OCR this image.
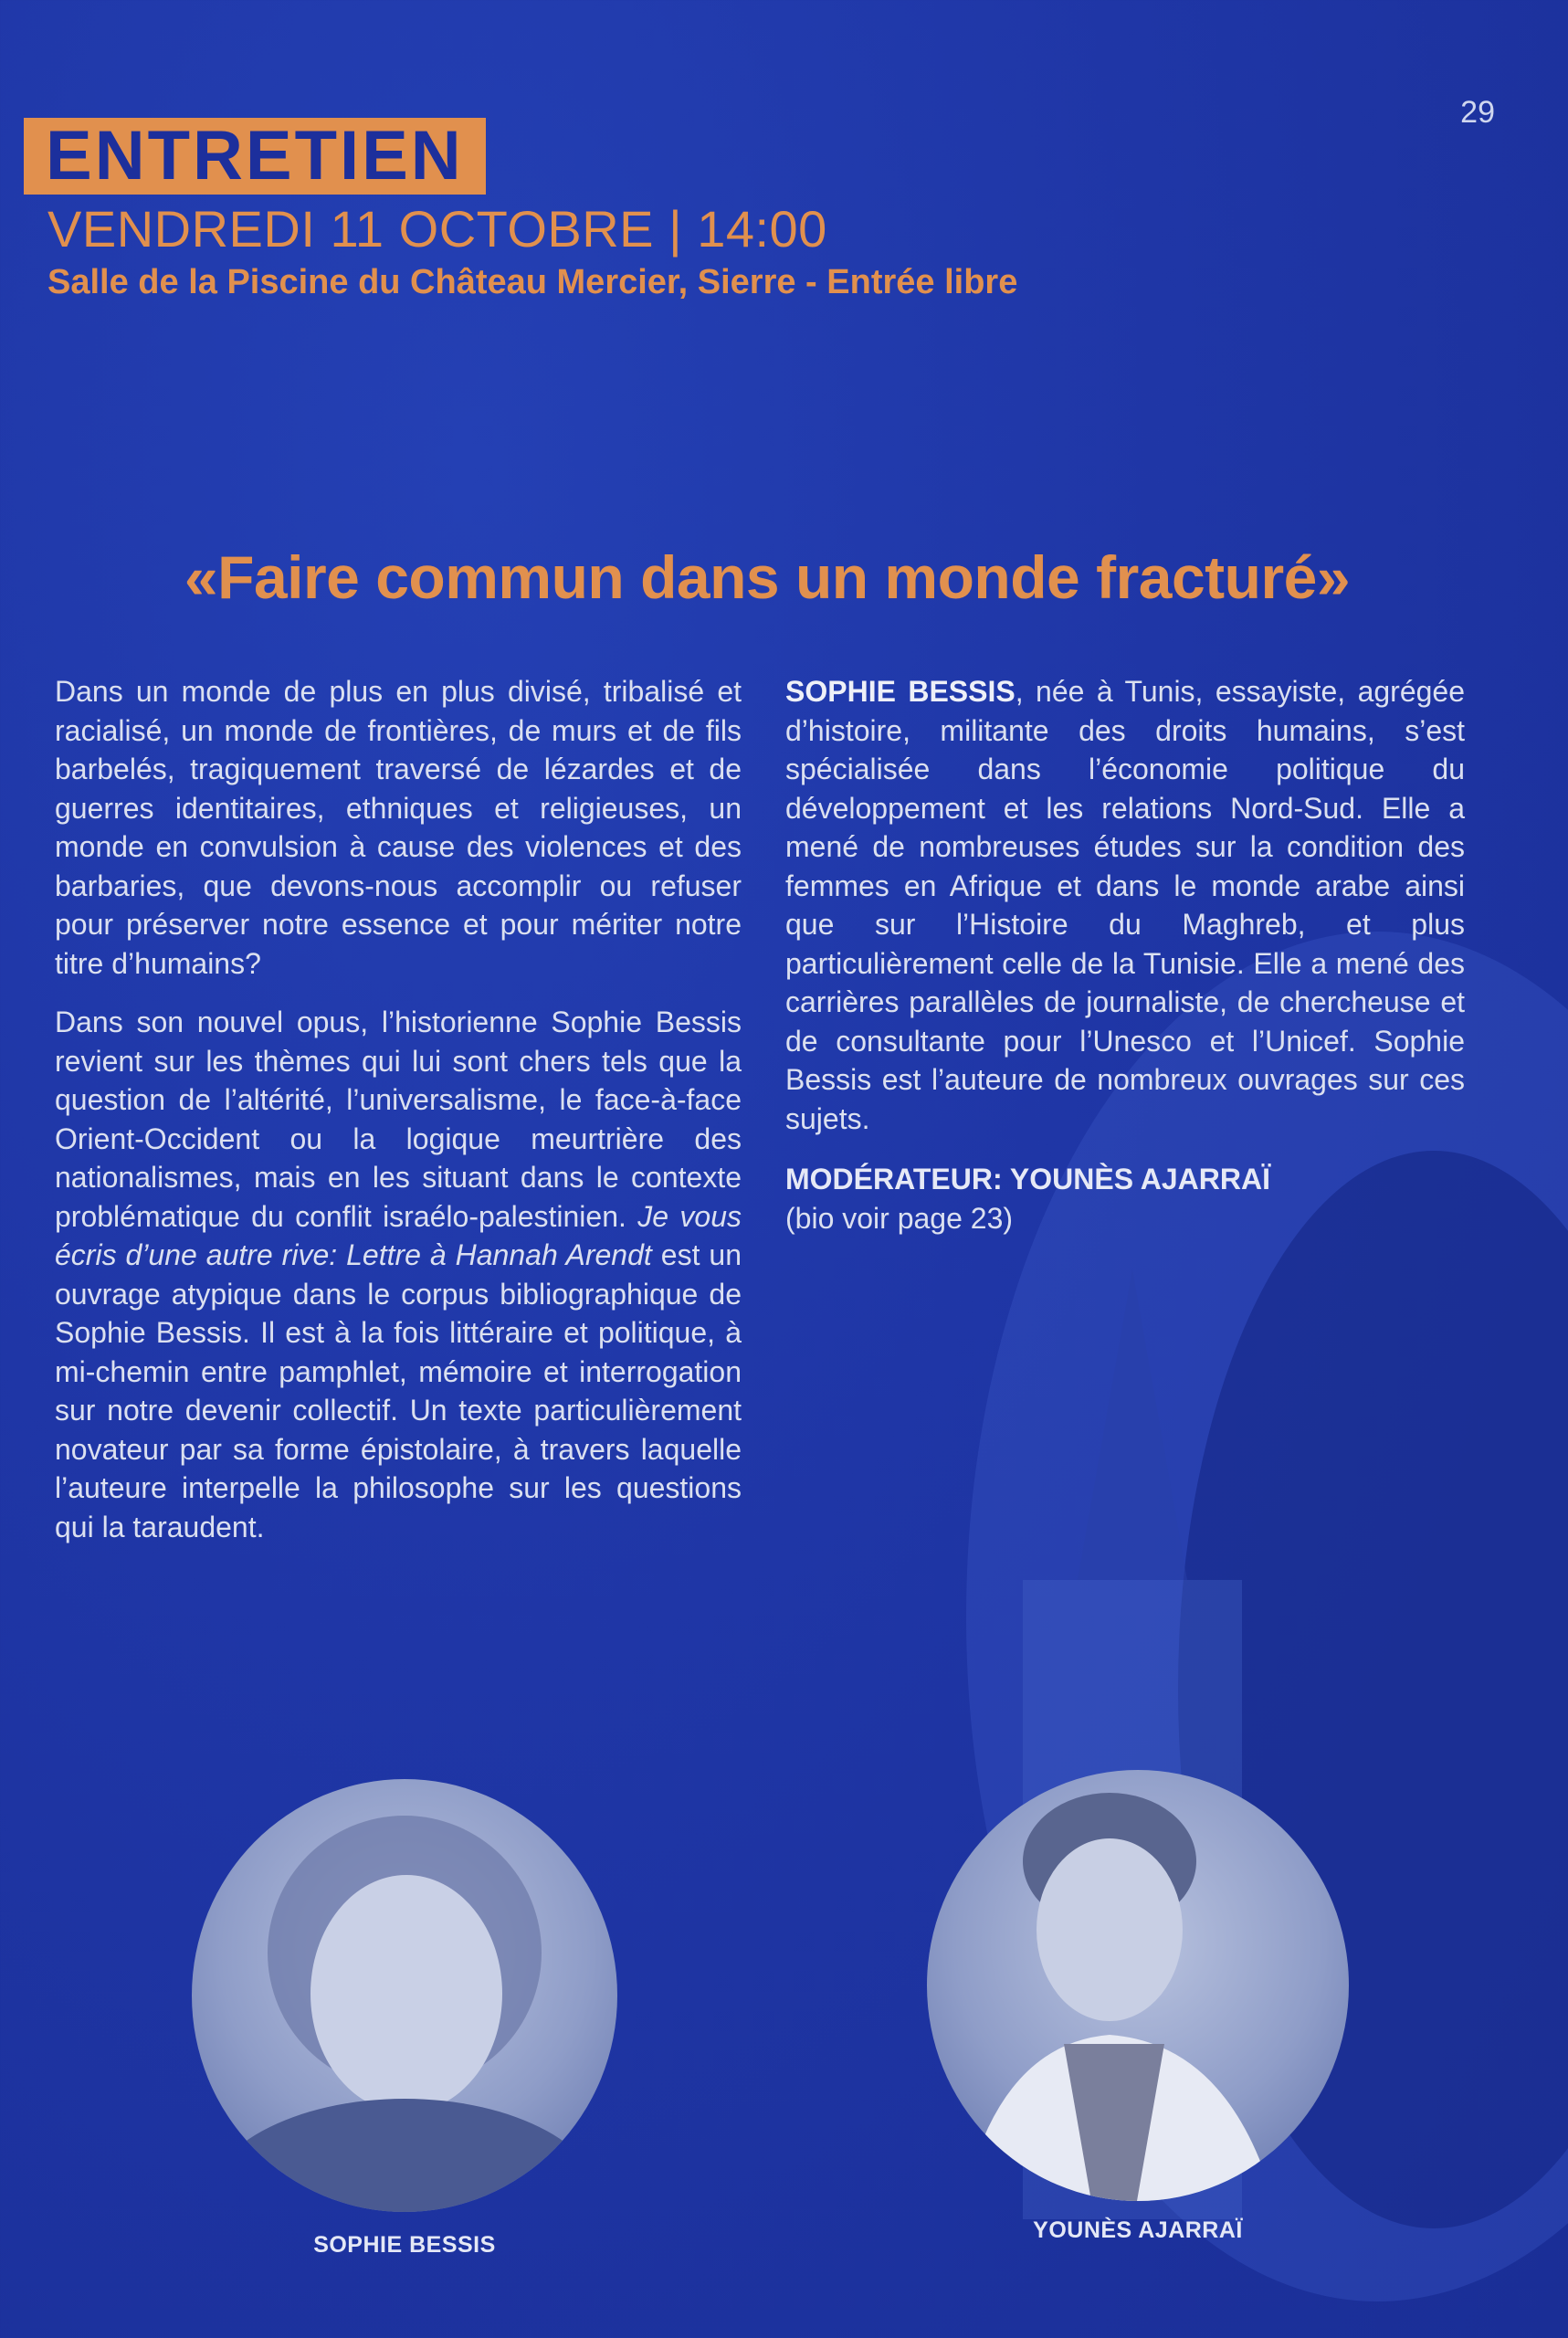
29
ENTRETIEN
VENDREDI 11 OCTOBRE | 14:00
Salle de la Piscine du Château Mercier, Sierre - Entrée libre
«Faire commun dans un monde fracturé»

Dans un monde de plus en plus divisé, tribalisé et racialisé, un monde de frontières, de murs et de fils barbelés, tragiquement traversé de lézardes et de guerres identitaires, ethniques et religieuses, un monde en convulsion à cause des violences et des barbaries, que devons-nous accomplir ou refuser pour préserver notre essence et pour mériter notre titre d’humains?

Dans son nouvel opus, l’historienne Sophie Bessis revient sur les thèmes qui lui sont chers tels que la question de l’altérité, l’universalisme, le face-à-face Orient-Occident ou la logique meurtrière des nationalismes, mais en les situant dans le contexte problématique du conflit israélo-palestinien. Je vous écris d’une autre rive: Lettre à Hannah Arendt est un ouvrage atypique dans le corpus bibliographique de Sophie Bessis. Il est à la fois littéraire et politique, à mi-chemin entre pamphlet, mémoire et interrogation sur notre devenir collectif. Un texte particulièrement novateur par sa forme épistolaire, à travers laquelle l’auteure interpelle la philosophe sur les questions qui la taraudent.

SOPHIE BESSIS, née à Tunis, essayiste, agrégée d’histoire, militante des droits humains, s’est spécialisée dans l’économie politique du développement et les relations Nord-Sud. Elle a mené de nombreuses études sur la condition des femmes en Afrique et dans le monde arabe ainsi que sur l’Histoire du Maghreb, et plus particulièrement celle de la Tunisie. Elle a mené des carrières parallèles de journaliste, de chercheuse et de consultante pour l’Unesco et l’Unicef. Sophie Bessis est l’auteure de nombreux ouvrages sur ces sujets.

MODÉRATEUR: YOUNÈS AJARRAÏ

(bio voir page 23)

SOPHIE BESSIS
YOUNÈS AJARRAÏ
